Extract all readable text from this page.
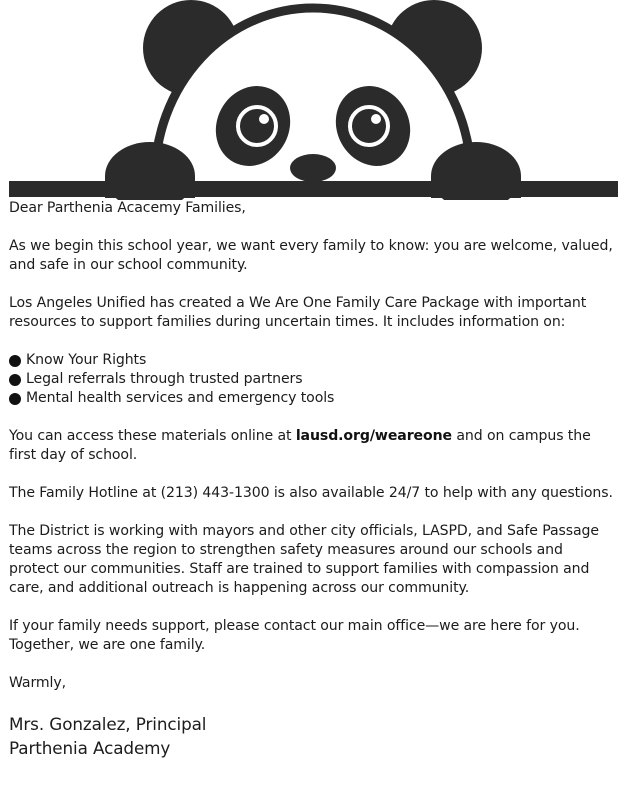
Dear Parthenia Acacemy Families,

As we begin this school year, we want every family to know: you are welcome, valued, and safe in our school community.

Los Angeles Unified has created a We Are One Family Care Package with important resources to support families during uncertain times. It includes information on:

Know Your Rights
Legal referrals through trusted partners
Mental health services and emergency tools

You can access these materials online at lausd.org/weareone and on campus the first day of school.

The Family Hotline at (213) 443-1300 is also available 24/7 to help with any questions.

The District is working with mayors and other city officials, LASPD, and Safe Passage teams across the region to strengthen safety measures around our schools and protect our communities. Staff are trained to support families with compassion and care, and additional outreach is happening across our community.

If your family needs support, please contact our main office—we are here for you. Together, we are one family.

Warmly,

Mrs. Gonzalez, Principal
Parthenia Academy
